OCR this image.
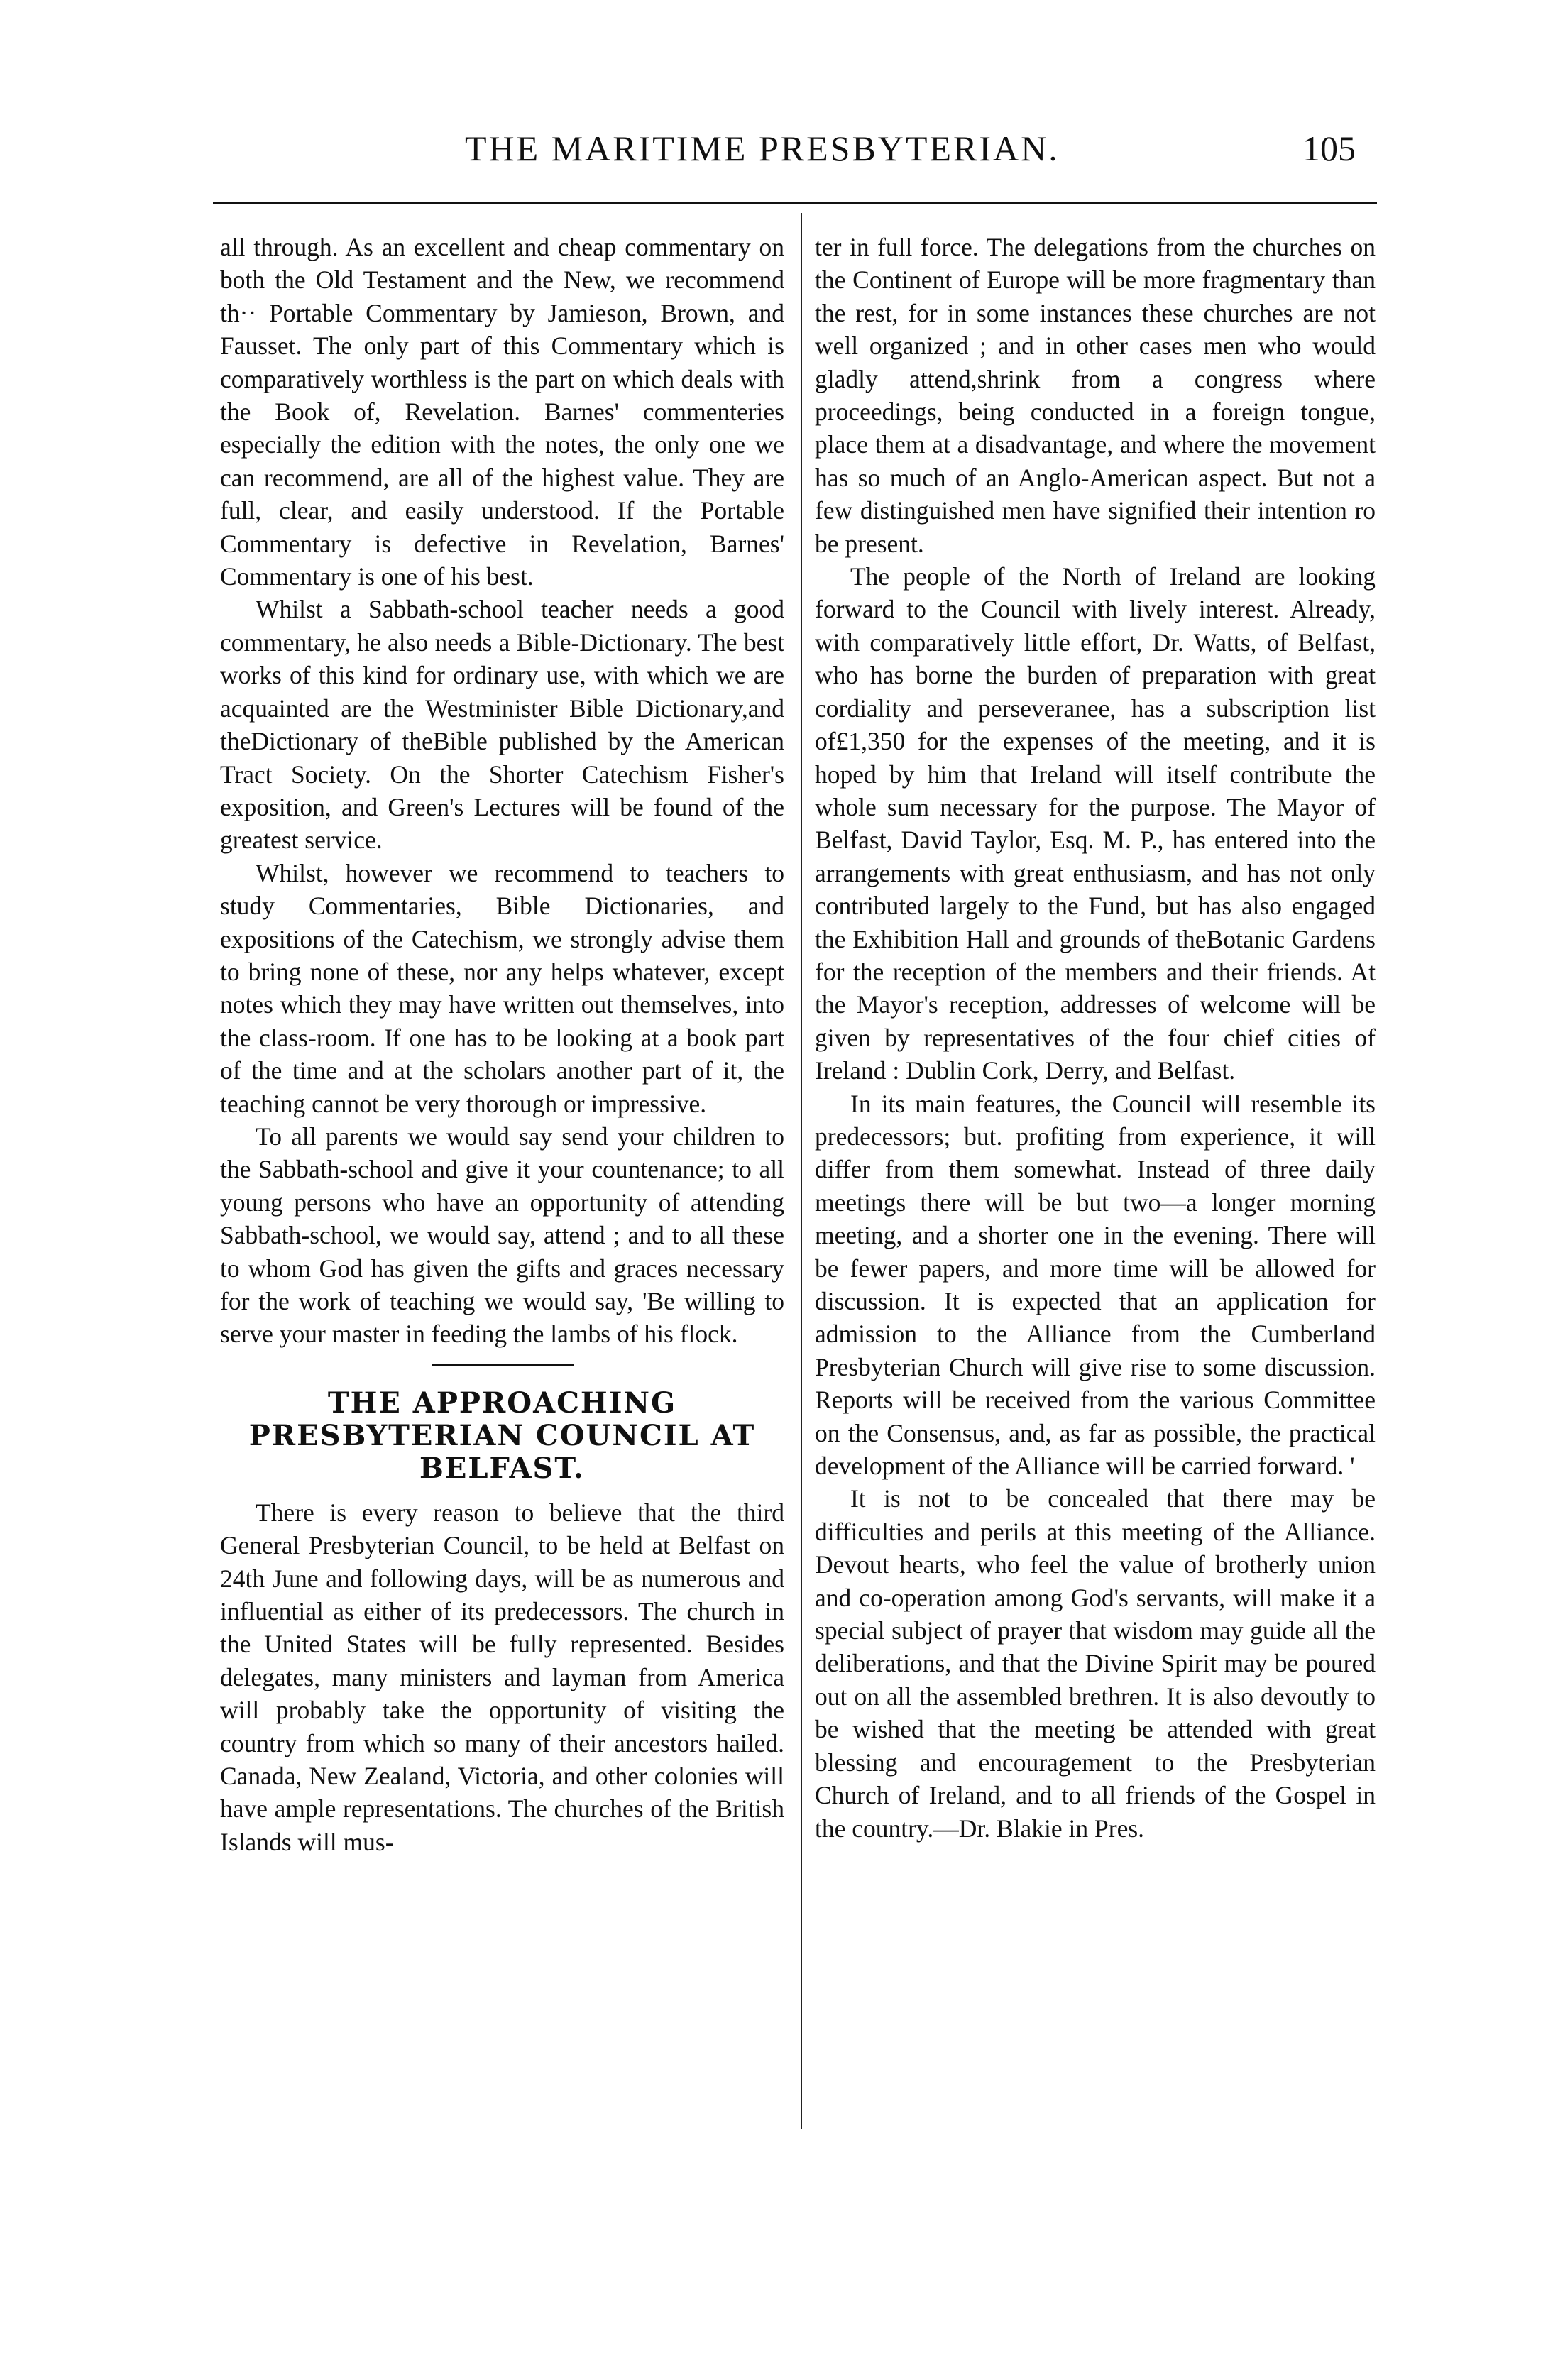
THE MARITIME PRESBYTERIAN.	105

all through. As an excellent and cheap commentary on both the Old Testament and the New, we recommend th·· Portable Commentary by Jamieson, Brown, and Fausset. The only part of this Commentary which is comparatively worthless is the part on which deals with the Book of, Revelation. Barnes' commenteries especially the edition with the notes, the only one we can recommend, are all of the highest value. They are full, clear, and easily understood. If the Portable Commentary is defective in Revelation, Barnes' Commentary is one of his best.

Whilst a Sabbath-school teacher needs a good commentary, he also needs a Bible-Dictionary. The best works of this kind for ordinary use, with which we are acquainted are the Westminister Bible Dictionary,and theDictionary of theBible published by the American Tract Society. On the Shorter Catechism Fisher's exposition, and Green's Lectures will be found of the greatest service.

Whilst, however we recommend to teachers to study Commentaries, Bible Dictionaries, and expositions of the Catechism, we strongly advise them to bring none of these, nor any helps whatever, except notes which they may have written out themselves, into the class-room. If one has to be looking at a book part of the time and at the scholars another part of it, the teaching cannot be very thorough or impressive.

To all parents we would say send your children to the Sabbath-school and give it your countenance; to all young persons who have an opportunity of attending Sabbath-school, we would say, attend ; and to all these to whom God has given the gifts and graces necessary for the work of teaching we would say, 'Be willing to serve your master in feeding the lambs of his flock.

THE APPROACHING PRESBYTERIAN COUNCIL AT BELFAST.

There is every reason to believe that the third General Presbyterian Council, to be held at Belfast on 24th June and following days, will be as numerous and influential as either of its predecessors. The church in the United States will be fully represented. Besides delegates, many ministers and layman from America will probably take the opportunity of visiting the country from which so many of their ancestors hailed. Canada, New Zealand, Victoria, and other colonies will have ample representations. The churches of the British Islands will mus-

ter in full force. The delegations from the churches on the Continent of Europe will be more fragmentary than the rest, for in some instances these churches are not well organized ; and in other cases men who would gladly attend,shrink from a congress where proceedings, being conducted in a foreign tongue, place them at a disadvantage, and where the movement has so much of an Anglo-American aspect. But not a few distinguished men have signified their intention ro be present.

The people of the North of Ireland are looking forward to the Council with lively interest. Already, with comparatively little effort, Dr. Watts, of Belfast, who has borne the burden of preparation with great cordiality and perseveranee, has a subscription list of£1,350 for the expenses of the meeting, and it is hoped by him that Ireland will itself contribute the whole sum necessary for the purpose. The Mayor of Belfast, David Taylor, Esq. M. P., has entered into the arrangements with great enthusiasm, and has not only contributed largely to the Fund, but has also engaged the Exhibition Hall and grounds of theBotanic Gardens for the reception of the members and their friends. At the Mayor's reception, addresses of welcome will be given by representatives of the four chief cities of Ireland : Dublin Cork, Derry, and Belfast.

In its main features, the Council will resemble its predecessors; but. profiting from experience, it will differ from them somewhat. Instead of three daily meetings there will be but two—a longer morning meeting, and a shorter one in the evening. There will be fewer papers, and more time will be allowed for discussion. It is expected that an application for admission to the Alliance from the Cumberland Presbyterian Church will give rise to some discussion. Reports will be received from the various Committee on the Consensus, and, as far as possible, the practical development of the Alliance will be carried forward. '

It is not to be concealed that there may be difficulties and perils at this meeting of the Alliance. Devout hearts, who feel the value of brotherly union and co-operation among God's servants, will make it a special subject of prayer that wisdom may guide all the deliberations, and that the Divine Spirit may be poured out on all the assembled brethren. It is also devoutly to be wished that the meeting be attended with great blessing and encouragement to the Presbyterian Church of Ireland, and to all friends of the Gospel in the country.—Dr. Blakie in Pres.
